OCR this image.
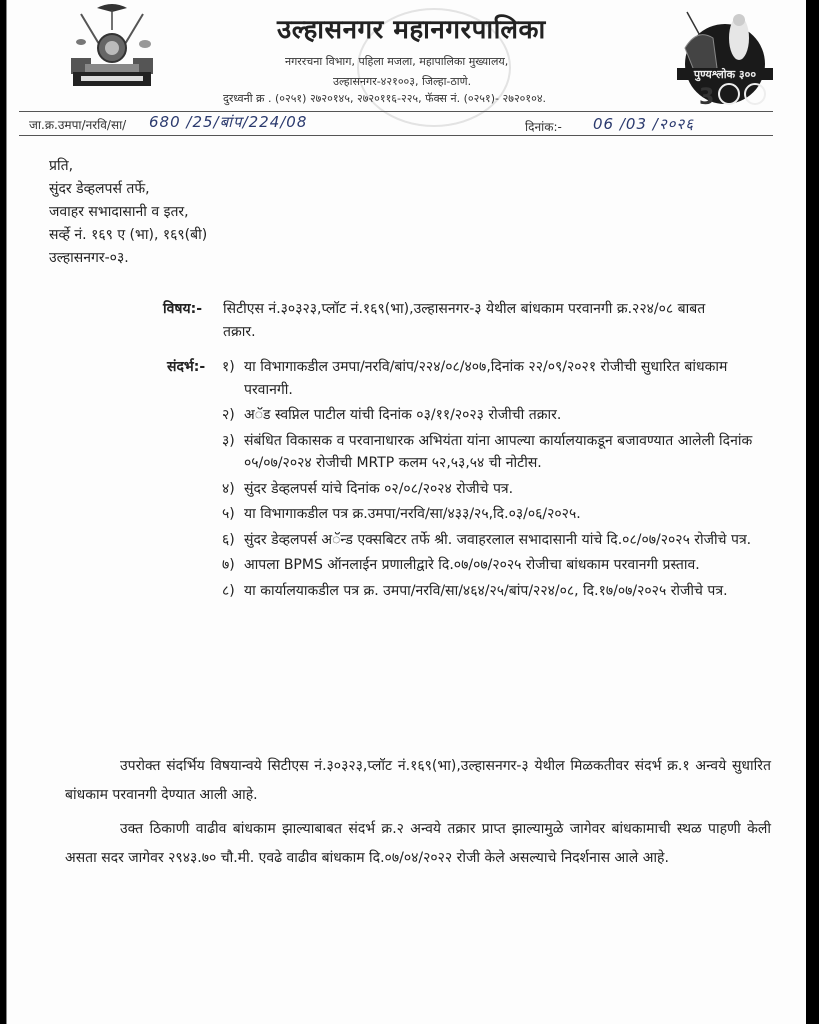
उल्हासनगर महानगरपालिका
नगररचना विभाग, पहिला मजला, महापालिका मुख्यालय,
उल्हासनगर-४२१००३, जिल्हा-ठाणे.
दुरध्वनी क्र . (०२५१) २७२०१४५, २७२०११६-२२५, फॅक्स नं. (०२५१)- २७२०१०४.
पुण्यश्लोक ३००
3
जा.क्र.उमपा/नरवि/सा/ 680 /25/बांप/224/08	दिनांक:- 06 /03 /२०२६
प्रति,
सुंदर डेव्हलपर्स तर्फे,
जवाहर सभादासानी व इतर,
सर्व्हे नं. १६९ ए (भा), १६९(बी)
उल्हासनगर-०३.
विषय:-	सिटीएस नं.३०३२३,प्लॉट नं.१६९(भा),उल्हासनगर-३ येथील बांधकाम परवानगी क्र.२२४/०८ बाबत तक्रार.
संदर्भ:-	१) या विभागाकडील उमपा/नरवि/बांप/२२४/०८/४०७,दिनांक २२/०९/२०२१ रोजीची सुधारित बांधकाम परवानगी.
२) अॅड स्वप्निल पाटील यांची दिनांक ०३/११/२०२३ रोजीची तक्रार.
३) संबंधित विकासक व परवानाधारक अभियंता यांना आपल्या कार्यालयाकडून बजावण्यात आलेली दिनांक ०५/०७/२०२४ रोजीची MRTP कलम ५२,५३,५४ ची नोटीस.
४) सुंदर डेव्हलपर्स यांचे दिनांक ०२/०८/२०२४ रोजीचे पत्र.
५) या विभागाकडील पत्र क्र.उमपा/नरवि/सा/४३३/२५,दि.०३/०६/२०२५.
६) सुंदर डेव्हलपर्स अॅन्ड एक्सबिटर तर्फे श्री. जवाहरलाल सभादासानी यांचे दि.०८/०७/२०२५ रोजीचे पत्र.
७) आपला BPMS ऑनलाईन प्रणालीद्वारे दि.०७/०७/२०२५ रोजीचा बांधकाम परवानगी प्रस्ताव.
८) या कार्यालयाकडील पत्र क्र. उमपा/नरवि/सा/४६४/२५/बांप/२२४/०८, दि.१७/०७/२०२५ रोजीचे पत्र.
उपरोक्त संदर्भिय विषयान्वये सिटीएस नं.३०३२३,प्लॉट नं.१६९(भा),उल्हासनगर-३ येथील मिळकतीवर संदर्भ क्र.१ अन्वये सुधारित बांधकाम परवानगी देण्यात आली आहे.
उक्त ठिकाणी वाढीव बांधकाम झाल्याबाबत संदर्भ क्र.२ अन्वये तक्रार प्राप्त झाल्यामुळे जागेवर बांधकामाची स्थळ पाहणी केली असता सदर जागेवर २९४३.७० चौ.मी. एवढे वाढीव बांधकाम दि.०७/०४/२०२२ रोजी केले असल्याचे निदर्शनास आले आहे.
